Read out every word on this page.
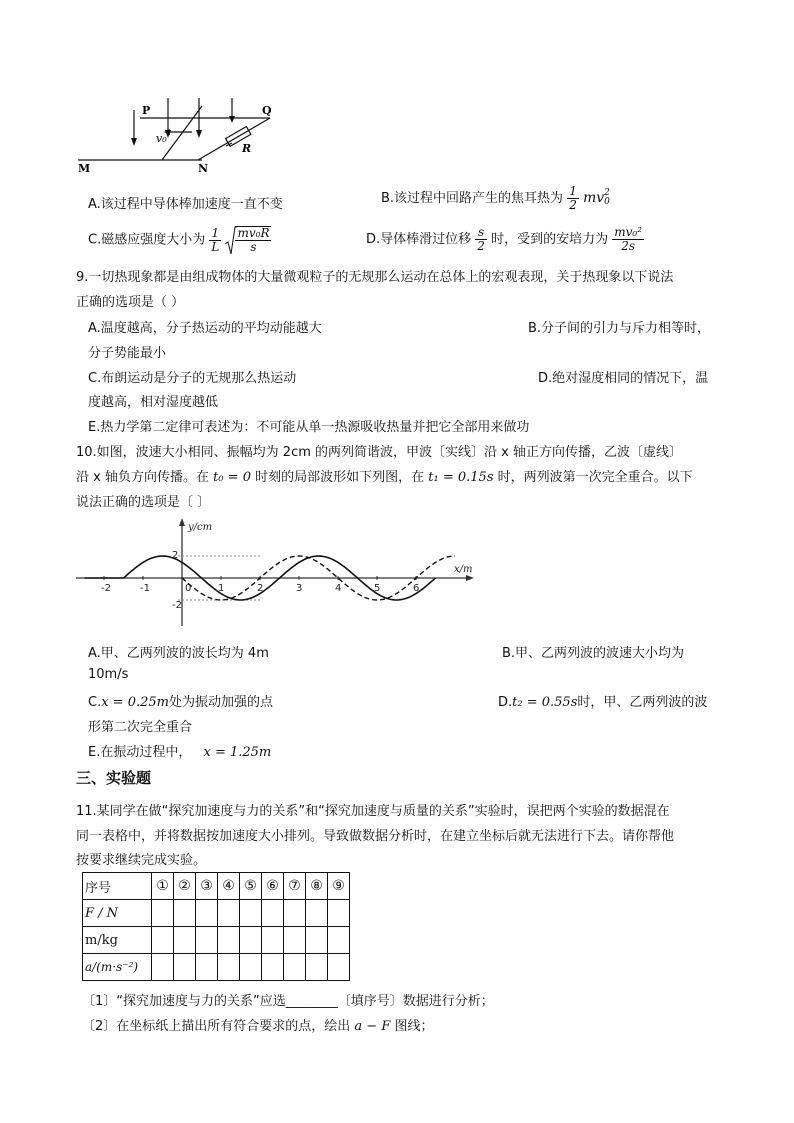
P	Q
M	N
R
v₀
A.该过程中导体棒加速度一直不变	B.该过程中回路产生的焦耳热为 $\frac{1}{2}$ mv 2
0
C.磁感应强度大小为 $\frac{1}{L}$
$\frac{\text{mv₀R}}{s}$	D.导体棒滑过位移 $\frac{s}{2}$ 时，受到的安培力为 $\frac{\text{mv₀²}}{2s}$
9.一切热现象都是由组成物体的大量微观粒子的无规那么运动在总体上的宏观表现，关于热现象以下说法
正确的选项是（ ）
A.温度越高，分子热运动的平均动能越大	B.分子间的引力与斥力相等时，
分子势能最小
C.布朗运动是分子的无规那么热运动	D.绝对湿度相同的情况下，温
度越高，相对湿度越低
E.热力学第二定律可表述为：不可能从单一热源吸收热量并把它全部用来做功
10.如图，波速大小相同、振幅均为 2cm 的两列简谐波，甲波〔实线〕沿 x 轴正方向传播，乙波〔虚线〕
沿 x 轴负方向传播。在 t₀ = 0 时刻的局部波形如下列图，在 t₁ = 0.15s 时，两列波第一次完全重合。以下
说法正确的选项是〔 〕
y/cm
x/m
-2	-1	0	1	2	3	4	5	6
2
-2
A.甲、乙两列波的波长均为 4m	B.甲、乙两列波的波速大小均为
10m/s
C.x = 0.25m处为振动加强的点	D.t₂ = 0.55s时，甲、乙两列波的波
形第二次完全重合
E.在振动过程中， x = 1.25m
三、实验题
11.某同学在做“探究加速度与力的关系”和“探究加速度与质量的关系”实验时，误把两个实验的数据混在
同一表格中，并将数据按加速度大小排列。导致做数据分析时，在建立坐标后就无法进行下去。请你帮他
按要求继续完成实验。
序号	①	②	③	④	⑤	⑥	⑦	⑧	⑨
F / N									
m/kg									
a/(m·s⁻²)									
〔1〕“探究加速度与力的关系”应选________〔填序号〕数据进行分析；
〔2〕在坐标纸上描出所有符合要求的点，绘出 a − F 图线；
